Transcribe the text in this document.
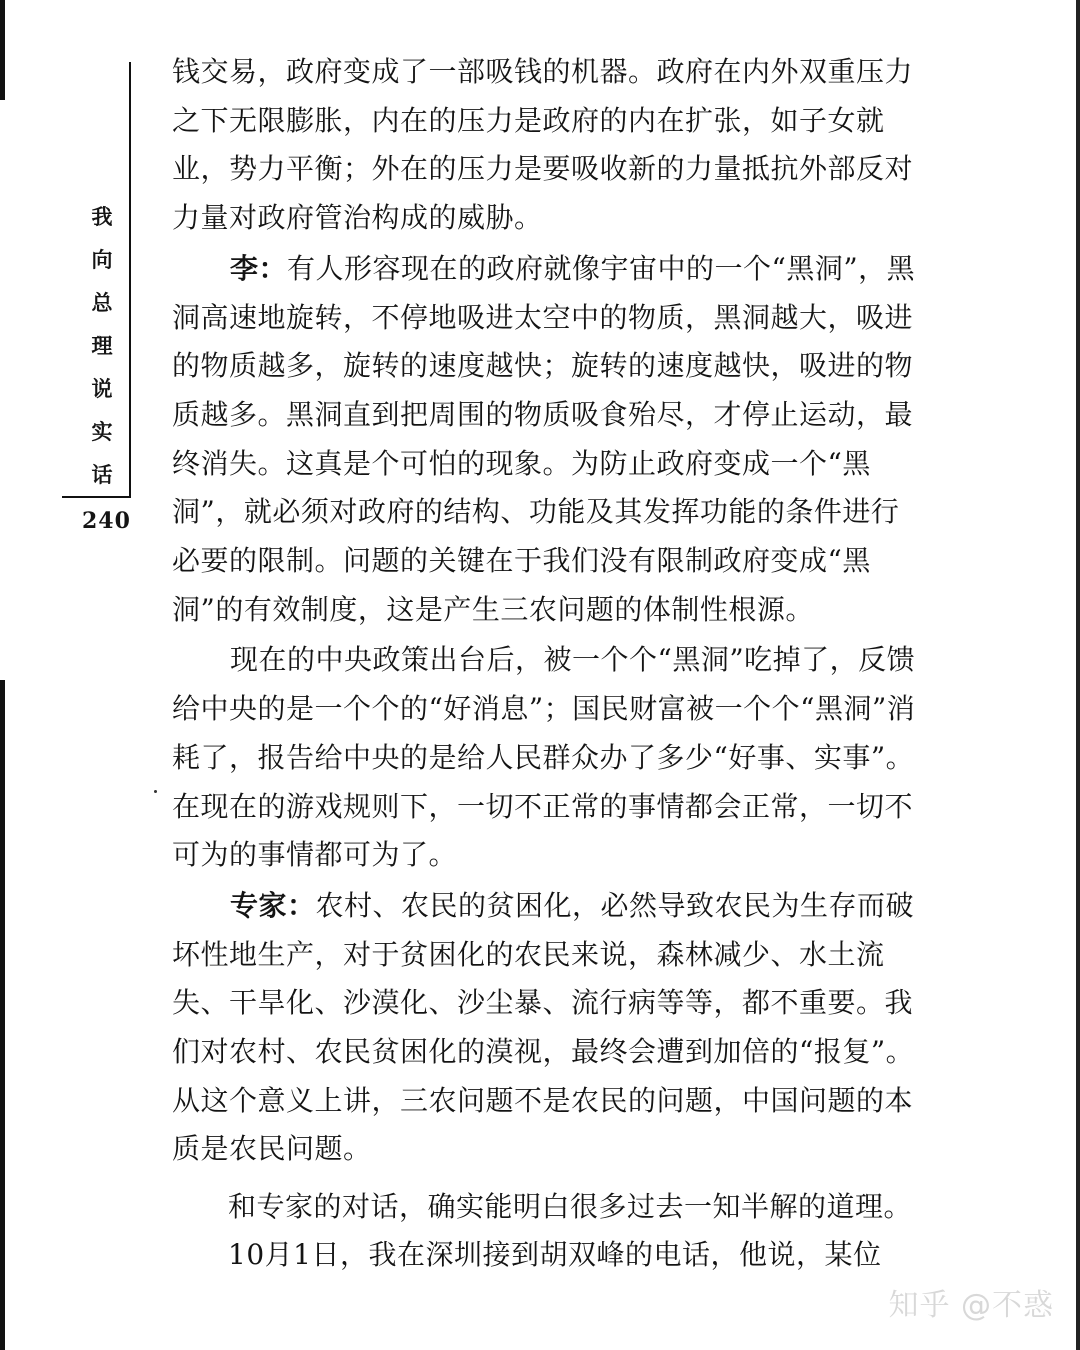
我
向
总
理
说
实
话
240

钱交易，政府变成了一部吸钱的机器。政府在内外双重压力之下无限膨胀，内在的压力是政府的内在扩张，如子女就业，势力平衡；外在的压力是要吸收新的力量抵抗外部反对力量对政府管治构成的威胁。

李：有人形容现在的政府就像宇宙中的一个“黑洞”，黑洞高速地旋转，不停地吸进太空中的物质，黑洞越大，吸进的物质越多，旋转的速度越快；旋转的速度越快，吸进的物质越多。黑洞直到把周围的物质吸食殆尽，才停止运动，最终消失。这真是个可怕的现象。为防止政府变成一个“黑洞”，就必须对政府的结构、功能及其发挥功能的条件进行必要的限制。问题的关键在于我们没有限制政府变成“黑洞”的有效制度，这是产生三农问题的体制性根源。

现在的中央政策出台后，被一个个“黑洞”吃掉了，反馈给中央的是一个个的“好消息”；国民财富被一个个“黑洞”消耗了，报告给中央的是给人民群众办了多少“好事、实事”。在现在的游戏规则下，一切不正常的事情都会正常，一切不可为的事情都可为了。

专家：农村、农民的贫困化，必然导致农民为生存而破坏性地生产，对于贫困化的农民来说，森林减少、水土流失、干旱化、沙漠化、沙尘暴、流行病等等，都不重要。我们对农村、农民贫困化的漠视，最终会遭到加倍的“报复”。从这个意义上讲，三农问题不是农民的问题，中国问题的本质是农民问题。

和专家的对话，确实能明白很多过去一知半解的道理。

10月1日，我在深圳接到胡双峰的电话，他说，某位

知乎 @不惑
